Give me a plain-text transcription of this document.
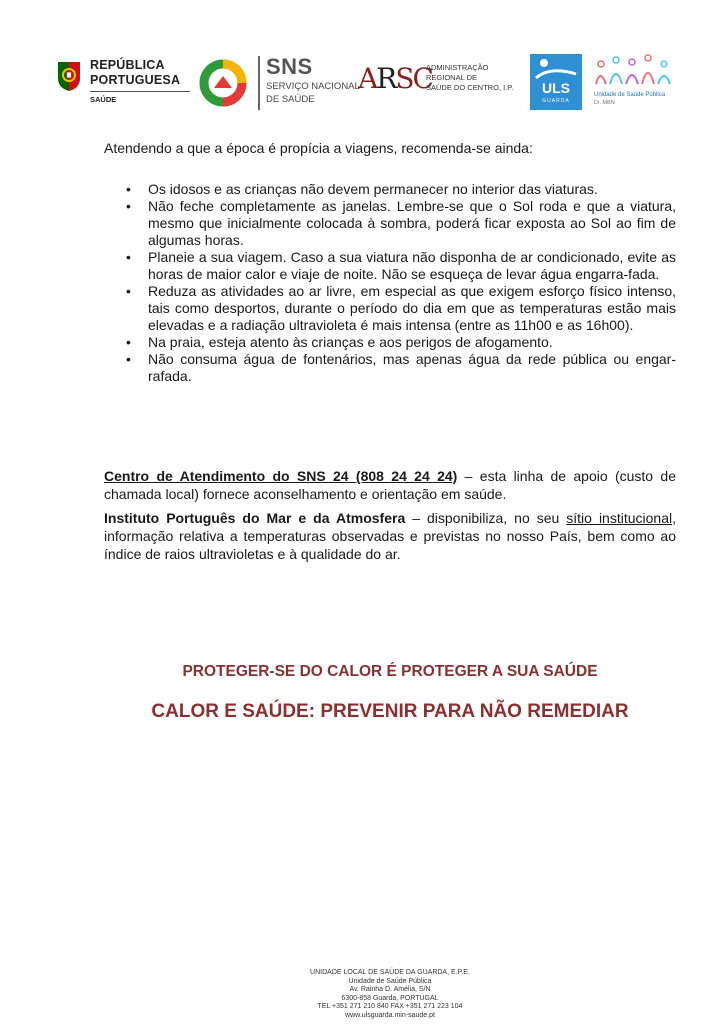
REPÚBLICA
PORTUGUESA
SAÚDE
SNS
SERVIÇO NACIONAL
DE SAÚDE
ARSC
ADMINISTRAÇÃO
REGIONAL DE
SAÚDE DO CENTRO, I.P.	ULS
GUARDA
Unidade de Saúde Pública
Dr. MBN
Atendendo a que a época é propícia a viagens, recomenda-se ainda:
• Os idosos e as crianças não devem permanecer no interior das viaturas.
• Não feche completamente as janelas. Lembre-se que o Sol roda e que a viatura, mesmo que inicialmente colocada à sombra, poderá ficar exposta ao Sol ao fim de algumas horas.
• Planeie a sua viagem. Caso a sua viatura não disponha de ar condicionado, evite as horas de maior calor e viaje de noite. Não se esqueça de levar água engarra-fada.
• Reduza as atividades ao ar livre, em especial as que exigem esforço físico intenso, tais como desportos, durante o período do dia em que as temperaturas estão mais elevadas e a radiação ultravioleta é mais intensa (entre as 11h00 e as 16h00).
• Na praia, esteja atento às crianças e aos perigos de afogamento.
• Não consuma água de fontenários, mas apenas água da rede pública ou engar-rafada.
Centro de Atendimento do SNS 24 (808 24 24 24) – esta linha de apoio (custo de chamada local) fornece aconselhamento e orientação em saúde.
Instituto Português do Mar e da Atmosfera – disponibiliza, no seu sítio institucional, informação relativa a temperaturas observadas e previstas no nosso País, bem como ao índice de raios ultravioletas e à qualidade do ar.
PROTEGER-SE DO CALOR É PROTEGER A SUA SAÚDE
CALOR E SAÚDE: PREVENIR PARA NÃO REMEDIAR
UNIDADE LOCAL DE SAÚDE DA GUARDA, E.P.E.
Unidade de Saúde Pública
Av. Rainha D. Amélia, S/N
6300-858 Guarda, PORTUGAL
TEL +351 271 210 840 FAX +351 271 223 104
www.ulsguarda.min-saude.pt
